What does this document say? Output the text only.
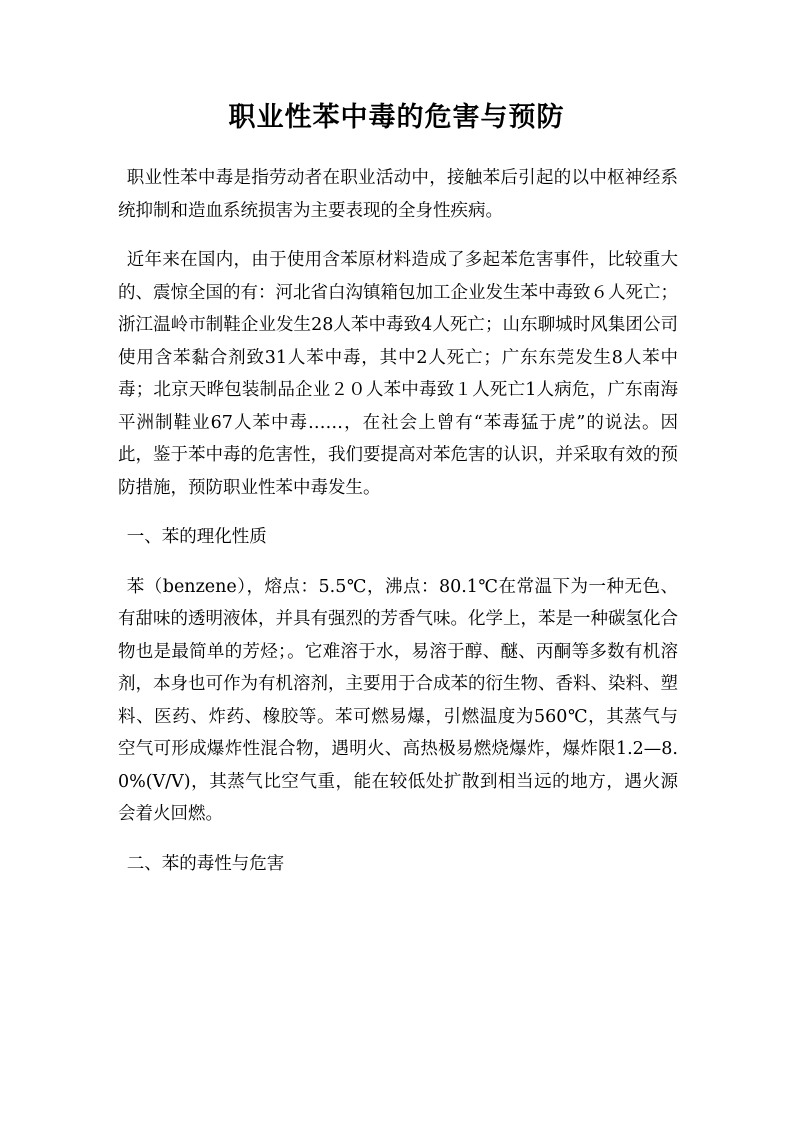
职业性苯中毒的危害与预防

职业性苯中毒是指劳动者在职业活动中，接触苯后引起的以中枢神经系统抑制和造血系统损害为主要表现的全身性疾病。

近年来在国内，由于使用含苯原材料造成了多起苯危害事件，比较重大的、震惊全国的有：河北省白沟镇箱包加工企业发生苯中毒致６人死亡；浙江温岭市制鞋企业发生28人苯中毒致4人死亡；山东聊城时风集团公司使用含苯黏合剂致31人苯中毒，其中2人死亡；广东东莞发生8人苯中毒；北京天晔包装制品企业２０人苯中毒致１人死亡1人病危，广东南海平洲制鞋业67人苯中毒……，在社会上曾有“苯毒猛于虎”的说法。因此，鉴于苯中毒的危害性，我们要提高对苯危害的认识，并采取有效的预防措施，预防职业性苯中毒发生。

一、苯的理化性质

苯（benzene），熔点：5.5℃，沸点：80.1℃在常温下为一种无色、有甜味的透明液体，并具有强烈的芳香气味。化学上，苯是一种碳氢化合物也是最简单的芳烃；。它难溶于水，易溶于醇、醚、丙酮等多数有机溶剂，本身也可作为有机溶剂，主要用于合成苯的衍生物、香料、染料、塑料、医药、炸药、橡胶等。苯可燃易爆，引燃温度为560℃，其蒸气与空气可形成爆炸性混合物，遇明火、高热极易燃烧爆炸，爆炸限1.2—8.0%(V/V)，其蒸气比空气重，能在较低处扩散到相当远的地方，遇火源会着火回燃。

二、苯的毒性与危害
